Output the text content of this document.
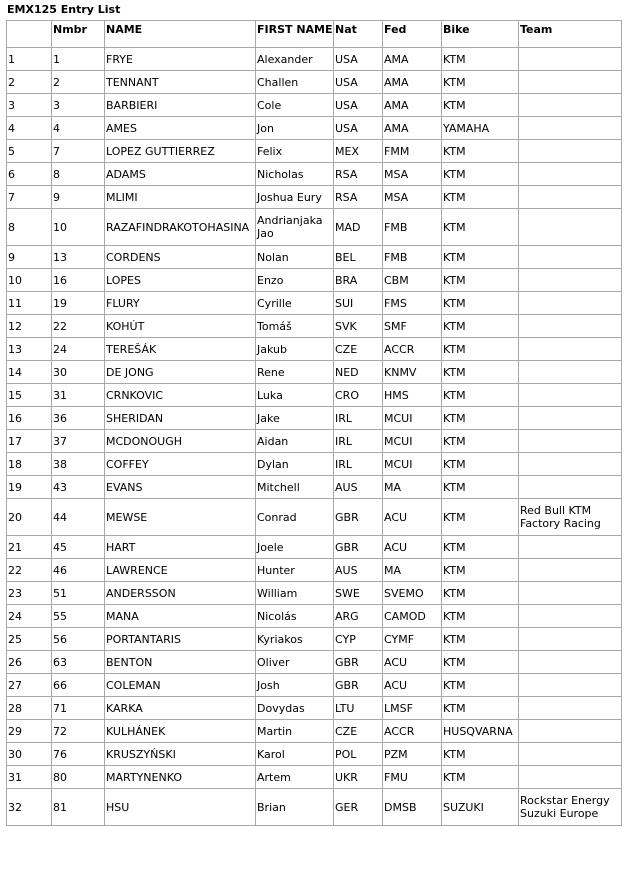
EMX125 Entry List
	Nmbr	NAME	FIRST NAME	Nat	Fed	Bike	Team
1	1	FRYE	Alexander	USA	AMA	KTM	
2	2	TENNANT	Challen	USA	AMA	KTM	
3	3	BARBIERI	Cole	USA	AMA	KTM	
4	4	AMES	Jon	USA	AMA	YAMAHA	
5	7	LOPEZ GUTTIERREZ	Felix	MEX	FMM	KTM	
6	8	ADAMS	Nicholas	RSA	MSA	KTM	
7	9	MLIMI	Joshua Eury	RSA	MSA	KTM	
8	10	RAZAFINDRAKOTOHASINA	Andrianjaka Jao	MAD	FMB	KTM	
9	13	CORDENS	Nolan	BEL	FMB	KTM	
10	16	LOPES	Enzo	BRA	CBM	KTM	
11	19	FLURY	Cyrille	SUI	FMS	KTM	
12	22	KOHÚT	Tomáš	SVK	SMF	KTM	
13	24	TEREŠÁK	Jakub	CZE	ACCR	KTM	
14	30	DE JONG	Rene	NED	KNMV	KTM	
15	31	CRNKOVIC	Luka	CRO	HMS	KTM	
16	36	SHERIDAN	Jake	IRL	MCUI	KTM	
17	37	MCDONOUGH	Aidan	IRL	MCUI	KTM	
18	38	COFFEY	Dylan	IRL	MCUI	KTM	
19	43	EVANS	Mitchell	AUS	MA	KTM	
20	44	MEWSE	Conrad	GBR	ACU	KTM	Red Bull KTM Factory Racing
21	45	HART	Joele	GBR	ACU	KTM	
22	46	LAWRENCE	Hunter	AUS	MA	KTM	
23	51	ANDERSSON	William	SWE	SVEMO	KTM	
24	55	MANA	Nicolás	ARG	CAMOD	KTM	
25	56	PORTANTARIS	Kyriakos	CYP	CYMF	KTM	
26	63	BENTON	Oliver	GBR	ACU	KTM	
27	66	COLEMAN	Josh	GBR	ACU	KTM	
28	71	KARKA	Dovydas	LTU	LMSF	KTM	
29	72	KULHÁNEK	Martin	CZE	ACCR	HUSQVARNA	
30	76	KRUSZYŃSKI	Karol	POL	PZM	KTM	
31	80	MARTYNENKO	Artem	UKR	FMU	KTM	
32	81	HSU	Brian	GER	DMSB	SUZUKI	Rockstar Energy Suzuki Europe
